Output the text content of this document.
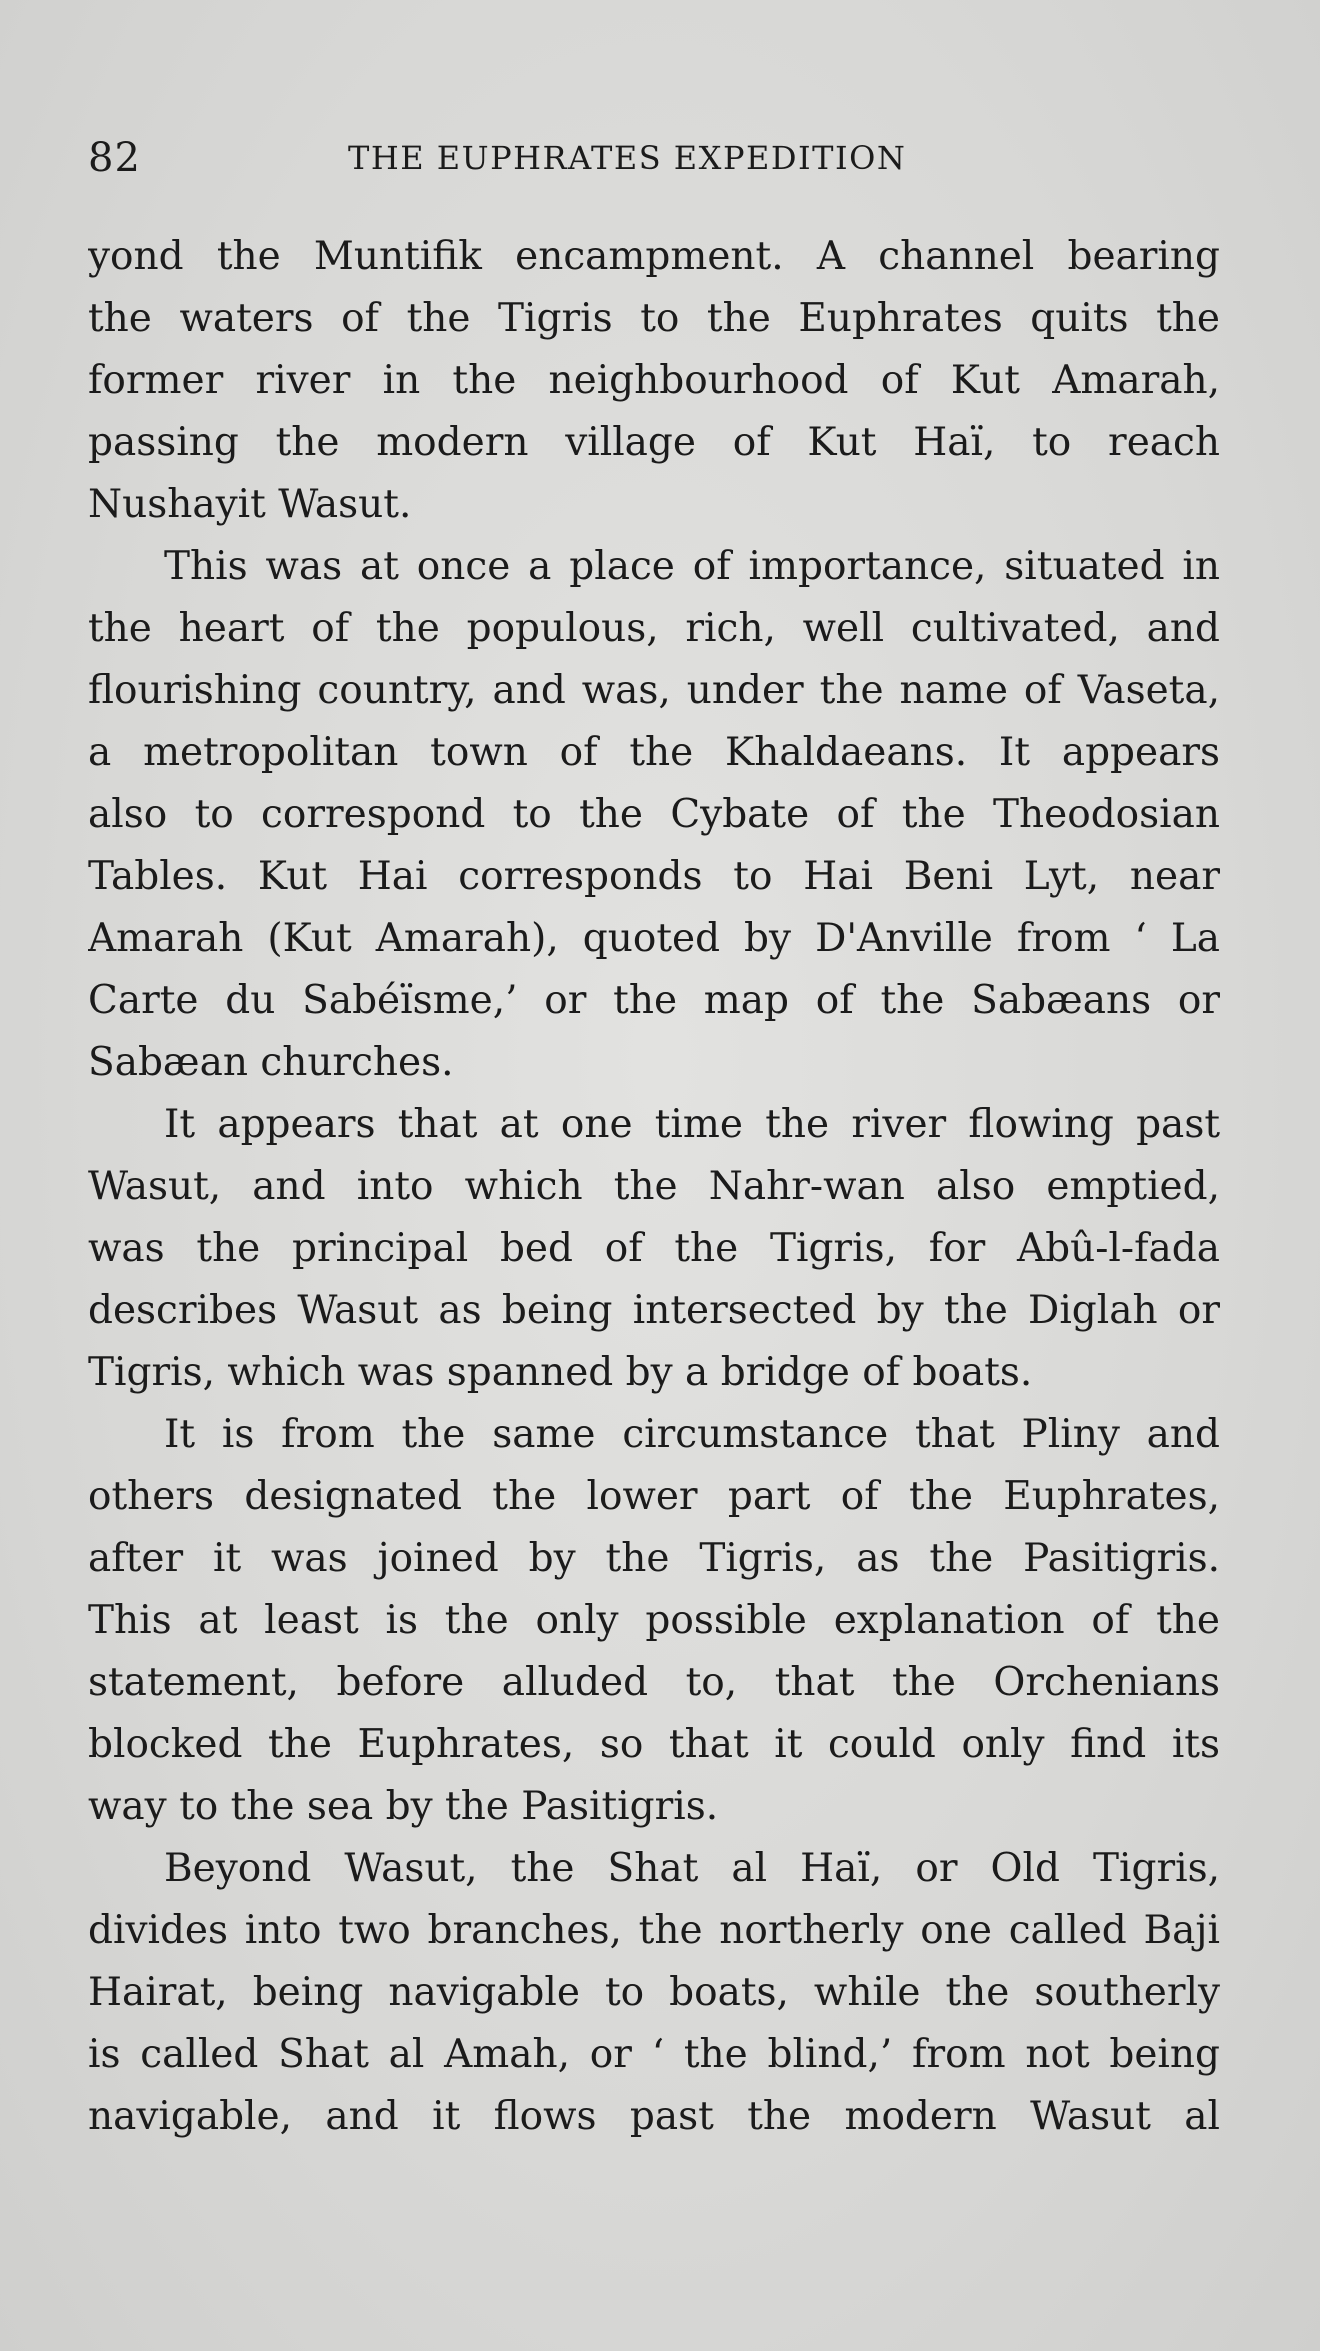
82	THE EUPHRATES EXPEDITION
yond the Muntifik encampment. A channel bearing
the waters of the Tigris to the Euphrates quits the
former river in the neighbourhood of Kut Amarah,
passing the modern village of Kut Haï, to reach
Nushayit Wasut.
This was at once a place of importance, situated in
the heart of the populous, rich, well cultivated, and
flourishing country, and was, under the name of Vaseta,
a metropolitan town of the Khaldaeans. It appears
also to correspond to the Cybate of the Theodosian
Tables. Kut Hai corresponds to Hai Beni Lyt, near
Amarah (Kut Amarah), quoted by D'Anville from ‘ La
Carte du Sabéïsme,’ or the map of the Sabæans or
Sabæan churches.
It appears that at one time the river flowing past
Wasut, and into which the Nahr-wan also emptied,
was the principal bed of the Tigris, for Abû-l-fada
describes Wasut as being intersected by the Diglah or
Tigris, which was spanned by a bridge of boats.
It is from the same circumstance that Pliny and
others designated the lower part of the Euphrates,
after it was joined by the Tigris, as the Pasitigris.
This at least is the only possible explanation of the
statement, before alluded to, that the Orchenians
blocked the Euphrates, so that it could only find its
way to the sea by the Pasitigris.
Beyond Wasut, the Shat al Haï, or Old Tigris,
divides into two branches, the northerly one called Baji
Hairat, being navigable to boats, while the southerly
is called Shat al Amah, or ‘ the blind,’ from not being
navigable, and it flows past the modern Wasut al
